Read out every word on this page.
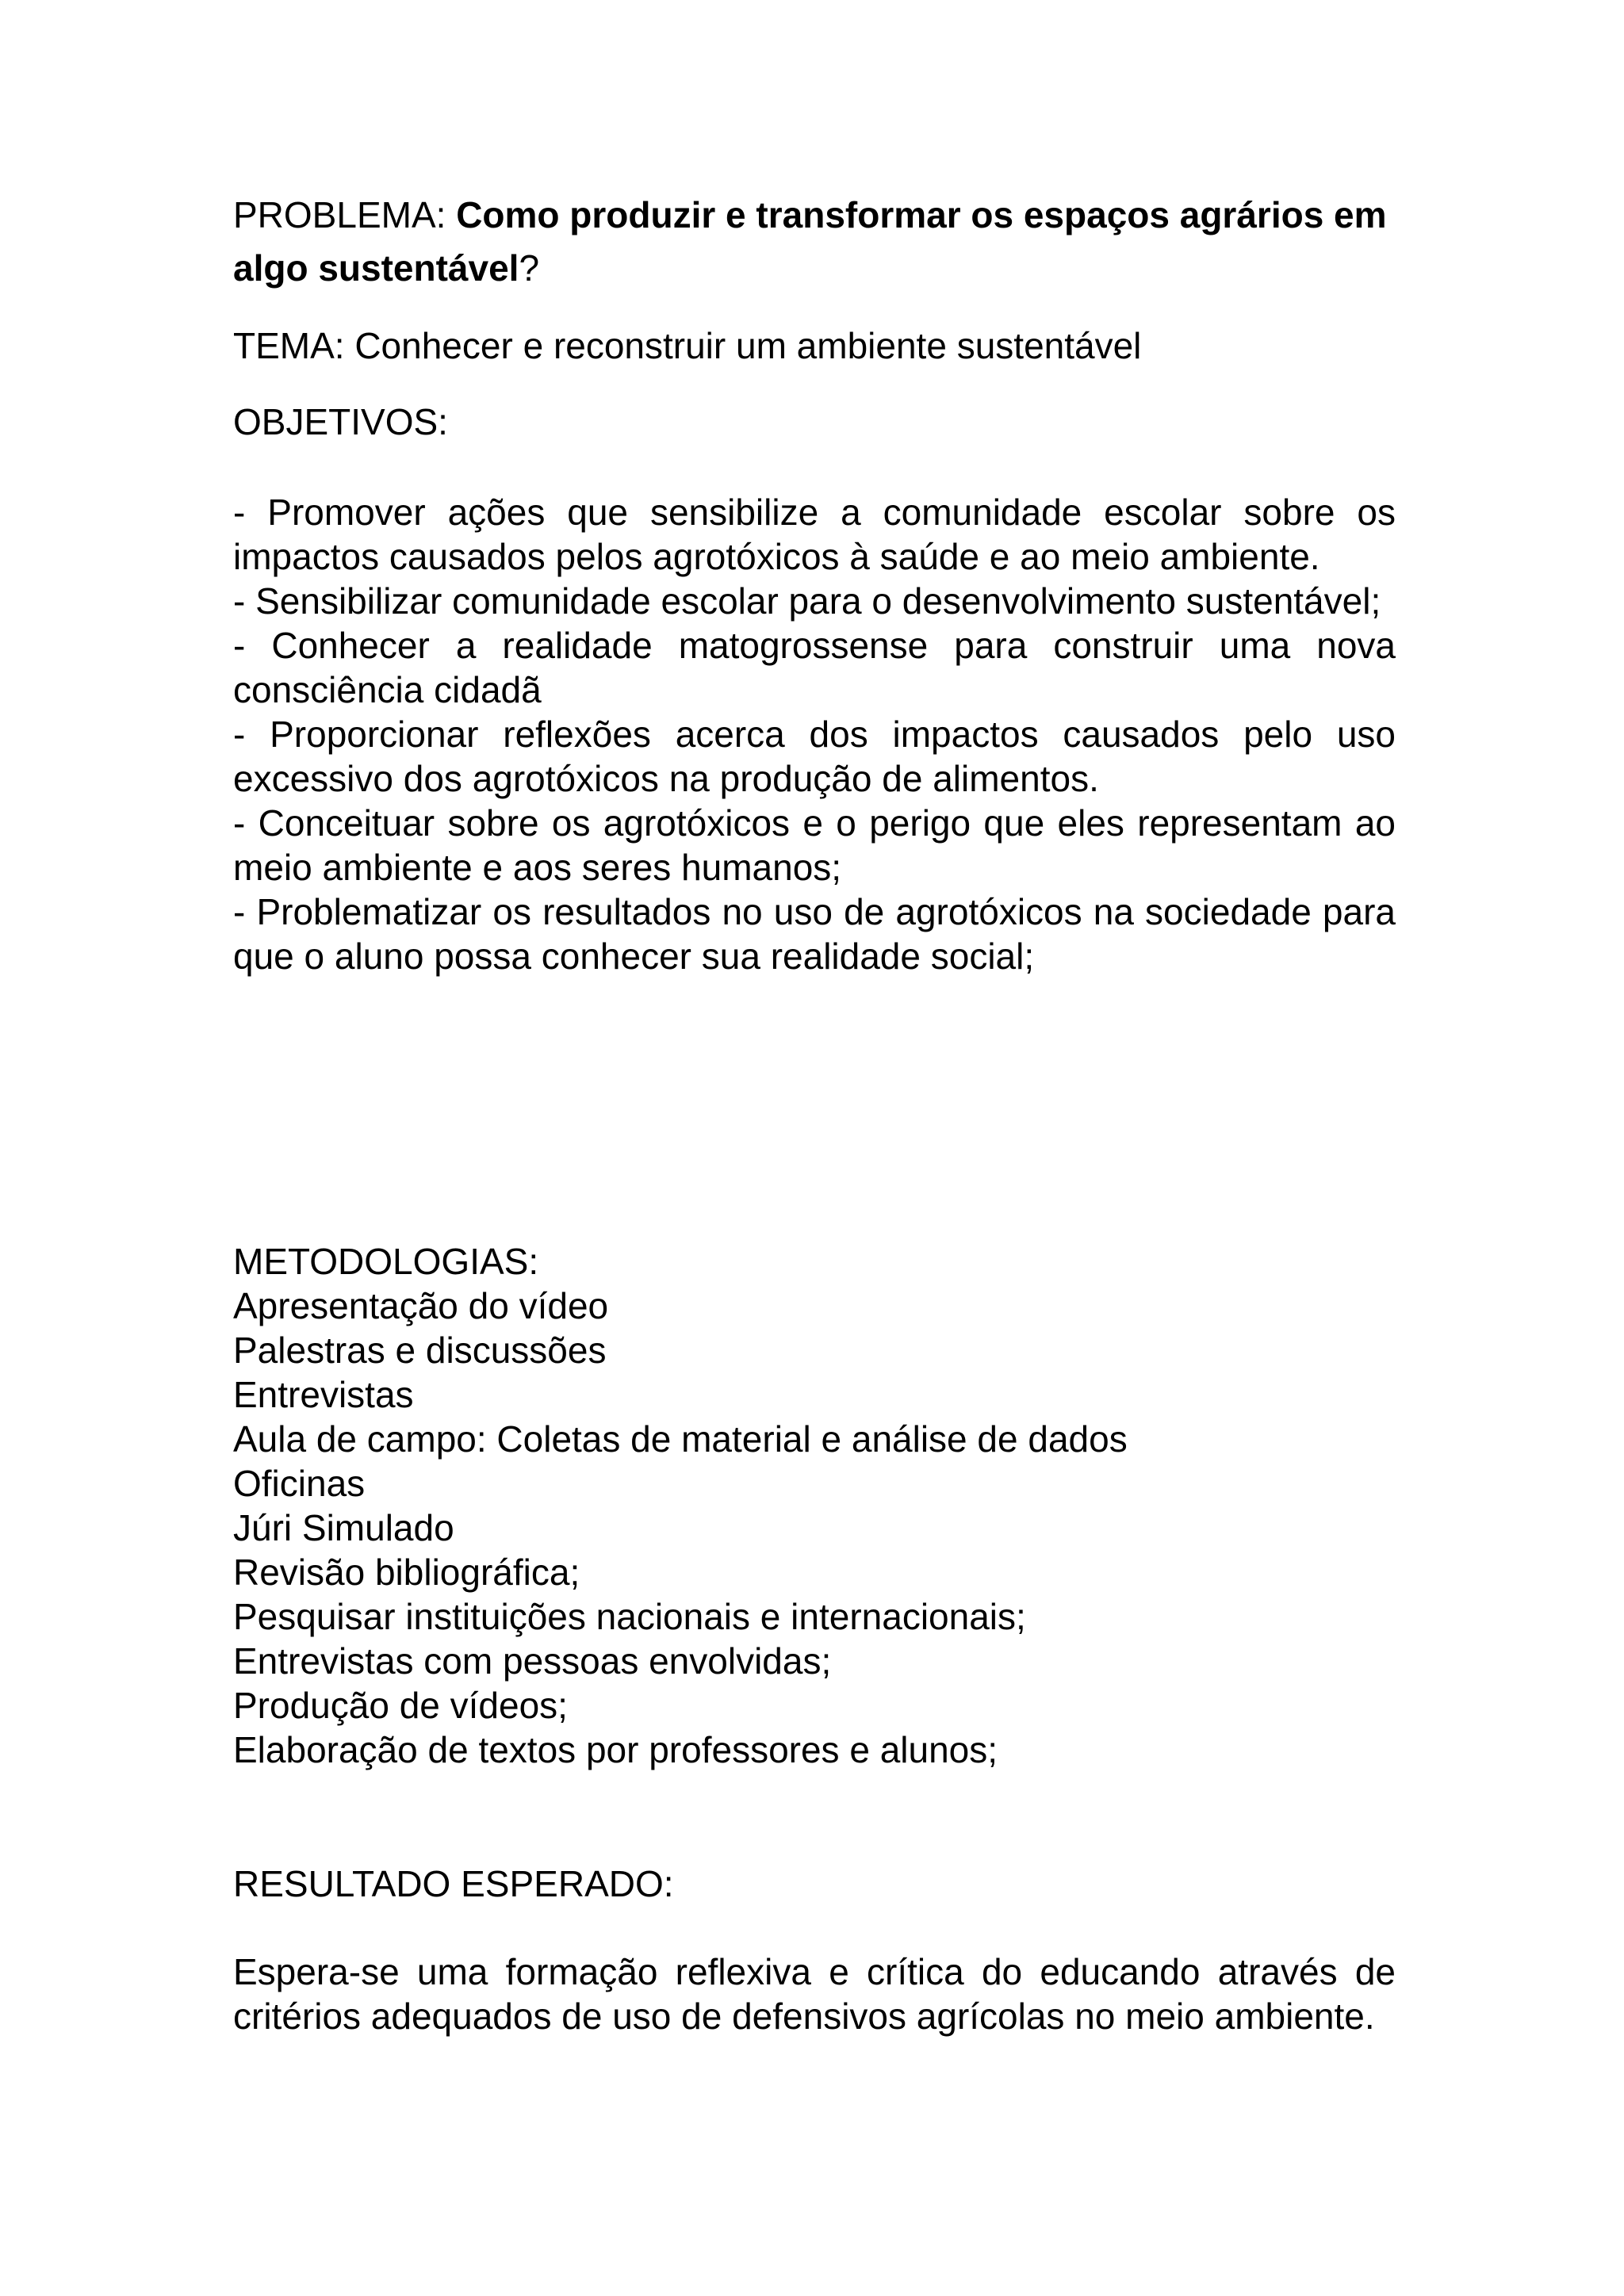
PROBLEMA: Como produzir e transformar os espaços agrários em algo sustentável?

TEMA: Conhecer e reconstruir um ambiente sustentável

OBJETIVOS:

- Promover ações que sensibilize a comunidade escolar sobre os impactos causados pelos agrotóxicos à saúde e ao meio ambiente.
- Sensibilizar comunidade escolar para o desenvolvimento sustentável;
- Conhecer a realidade matogrossense para construir uma nova consciência cidadã
- Proporcionar reflexões acerca dos impactos causados pelo uso excessivo dos agrotóxicos na produção de alimentos.
- Conceituar sobre os agrotóxicos e o perigo que eles representam ao meio ambiente e aos seres humanos;
- Problematizar os resultados no uso de agrotóxicos na sociedade para que o aluno possa conhecer sua realidade social;

METODOLOGIAS:

Apresentação do vídeo
Palestras e discussões
Entrevistas
Aula de campo: Coletas de material e análise de dados
Oficinas
Júri Simulado
Revisão bibliográfica;
Pesquisar instituições nacionais e internacionais;
Entrevistas com pessoas envolvidas;
Produção de vídeos;
Elaboração de textos por professores e alunos;

RESULTADO ESPERADO:

Espera-se uma formação reflexiva e crítica do educando através de critérios adequados de uso de defensivos agrícolas no meio ambiente.
